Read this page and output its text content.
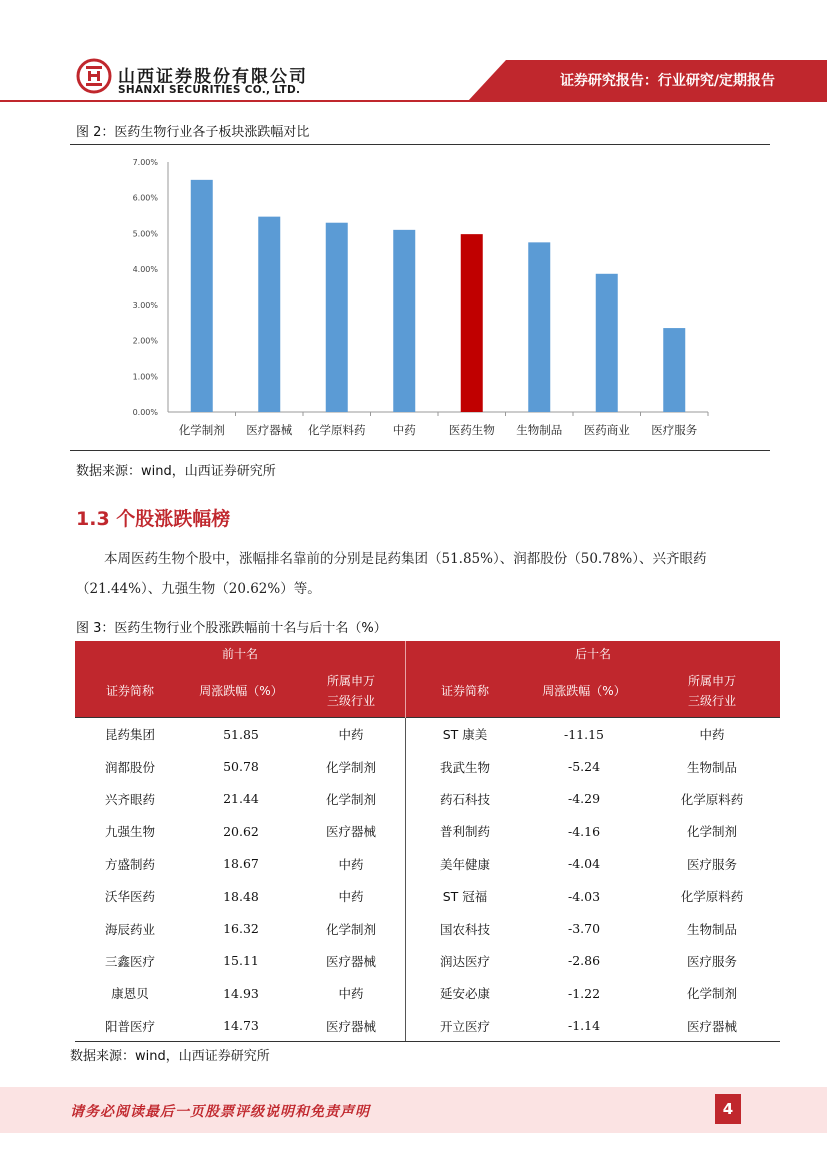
山西证券股份有限公司
SHANXI SECURITIES CO., LTD.
证券研究报告：行业研究/定期报告
图 2：医药生物行业各子板块涨跌幅对比
0.00%
1.00%
2.00%
3.00%
4.00%
5.00%
6.00%
7.00%
化学制剂 医疗器械 化学原料药 中药	医药生物 生物制品 医药商业 医疗服务
数据来源：wind，山西证券研究所
1.3 个股涨跌幅榜
本周医药生物个股中，涨幅排名靠前的分别是昆药集团（51.85%）、润都股份（50.78%）、兴齐眼药
（21.44%）、九强生物（20.62%）等。
图 3：医药生物行业个股涨跌幅前十名与后十名（%）
前十名			后十名		
证券简称	周涨跌幅（%）	所属申万
三级行业	证券简称	周涨跌幅（%）	所属申万
三级行业
昆药集团	51.85	中药	ST 康美	-11.15	中药
润都股份	50.78	化学制剂	我武生物	-5.24	生物制品
兴齐眼药	21.44	化学制剂	药石科技	-4.29	化学原料药
九强生物	20.62	医疗器械	普利制药	-4.16	化学制剂
方盛制药	18.67	中药	美年健康	-4.04	医疗服务
沃华医药	18.48	中药	ST 冠福	-4.03	化学原料药
海辰药业	16.32	化学制剂	国农科技	-3.70	生物制品
三鑫医疗	15.11	医疗器械	润达医疗	-2.86	医疗服务
康恩贝	14.93	中药	延安必康	-1.22	化学制剂
阳普医疗	14.73	医疗器械	开立医疗	-1.14	医疗器械
数据来源：wind，山西证券研究所
请务必阅读最后一页股票评级说明和免责声明	4
